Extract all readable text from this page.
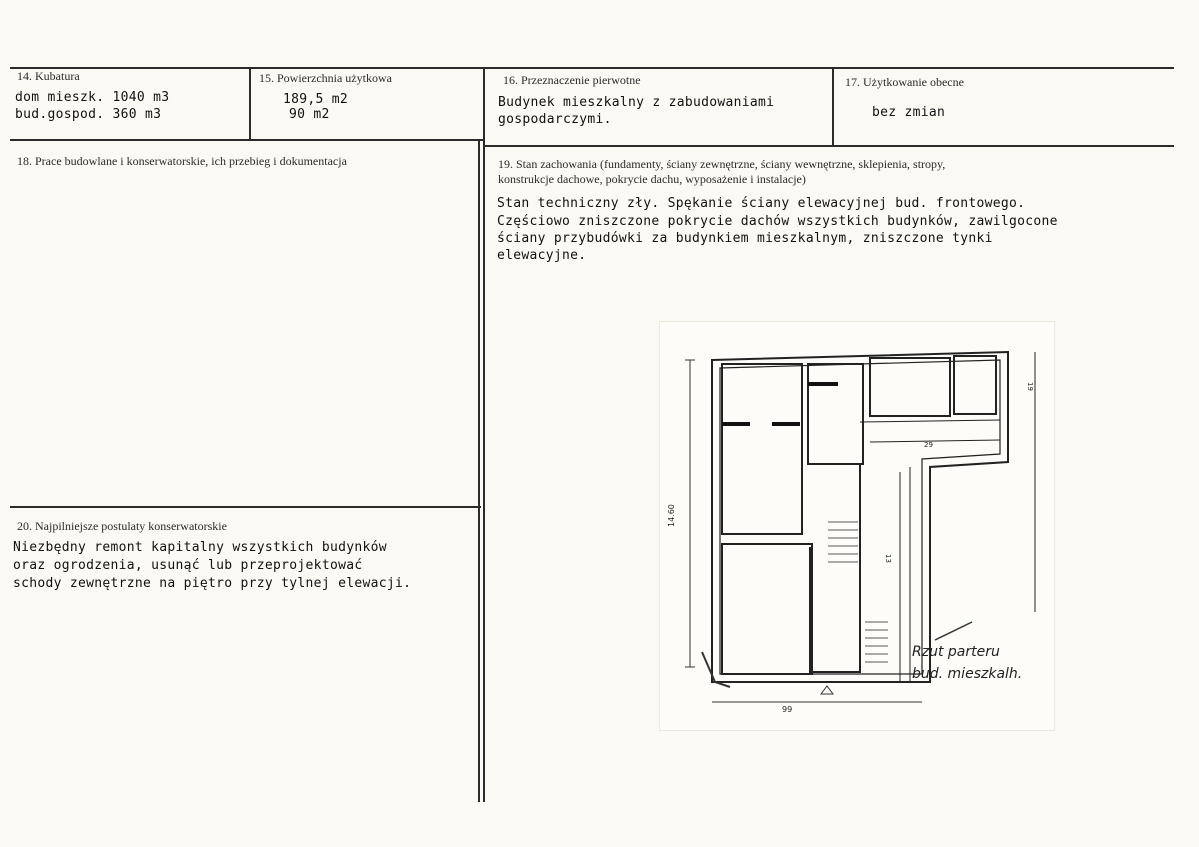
14. Kubatura
dom mieszk. 1040 m3
bud.gospod. 360 m3
15. Powierzchnia użytkowa
189,5 m2
90 m2
16. Przeznaczenie pierwotne
Budynek mieszkalny z zabudowaniami
gospodarczymi.
17. Użytkowanie obecne
bez zmian
18. Prace budowlane i konserwatorskie, ich przebieg i dokumentacja	19. Stan zachowania (fundamenty, ściany zewnętrzne, ściany wewnętrzne, sklepienia, stropy,
konstrukcje dachowe, pokrycie dachu, wyposażenie i instalacje)
Stan techniczny zły. Spękanie ściany elewacyjnej bud. frontowego.
Częściowo zniszczone pokrycie dachów wszystkich budynków, zawilgocone
ściany przybudówki za budynkiem mieszkalnym, zniszczone tynki
elewacyjne.
20. Najpilniejsze postulaty konserwatorskie
Niezbędny remont kapitalny wszystkich budynków
oraz ogrodzenia, usunąć lub przeprojektować
schody zewnętrzne na piętro przy tylnej elewacji.
99
14.60
19
29
13
Rzut parteru
bud. mieszkalh.
